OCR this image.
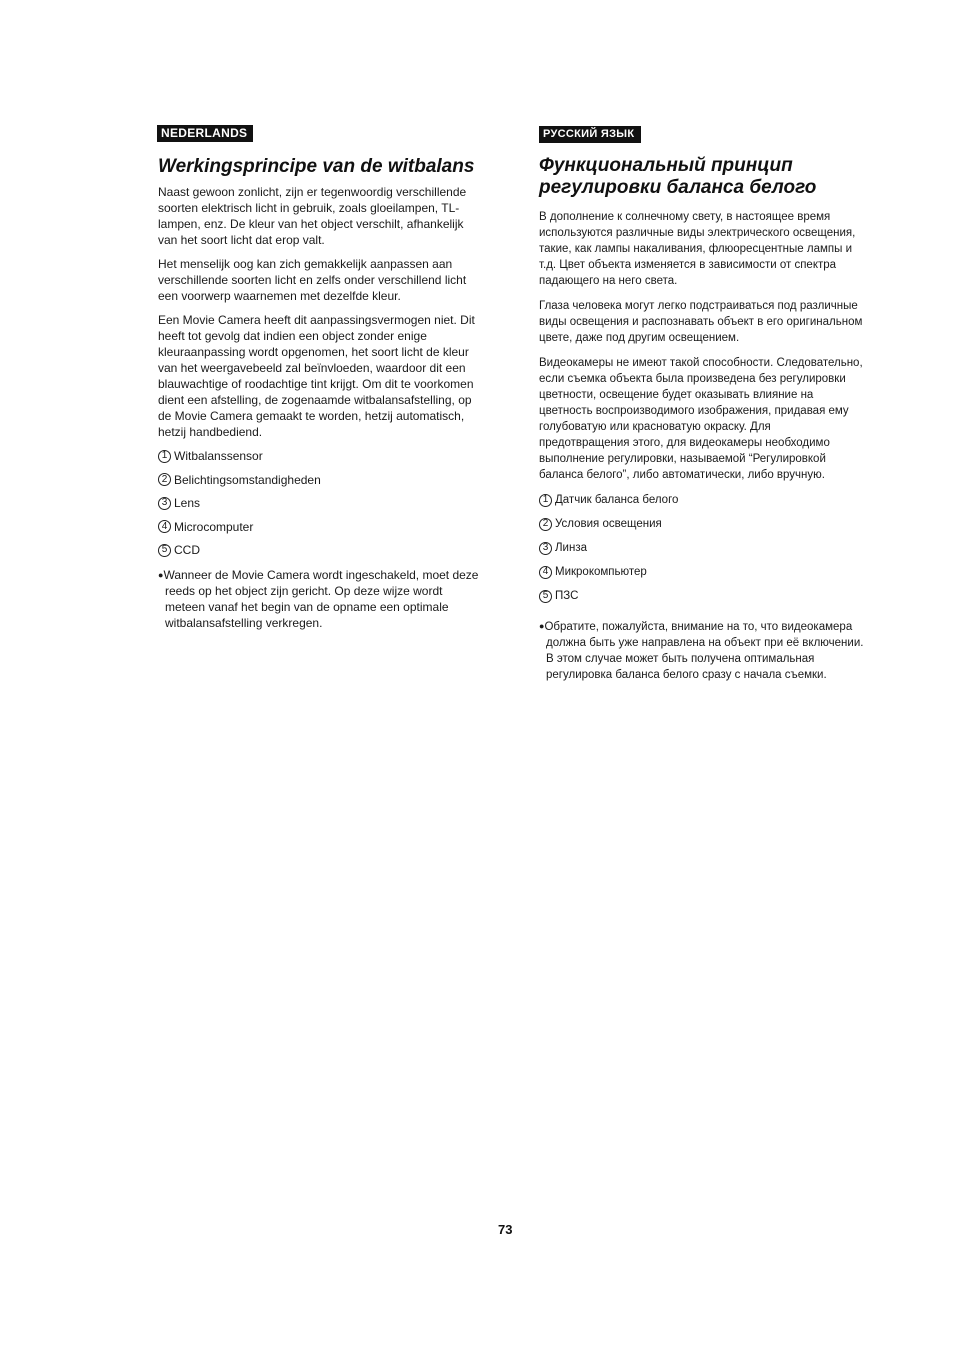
NEDERLANDS
Werkingsprincipe van de witbalans

Naast gewoon zonlicht, zijn er tegenwoordig verschillende soorten elektrisch licht in gebruik, zoals gloeilampen, TL-lampen, enz. De kleur van het object verschilt, afhankelijk van het soort licht dat erop valt.

Het menselijk oog kan zich gemakkelijk aanpassen aan verschillende soorten licht en zelfs onder verschillend licht een voorwerp waarnemen met dezelfde kleur.

Een Movie Camera heeft dit aanpassingsvermogen niet. Dit heeft tot gevolg dat indien een object zonder enige kleuraanpassing wordt opgenomen, het soort licht de kleur van het weergavebeeld zal beïnvloeden, waardoor dit een blauwachtige of roodachtige tint krijgt. Om dit te voorkomen dient een afstelling, de zogenaamde witbalansafstelling, op de Movie Camera gemaakt te worden, hetzij automatisch, hetzij handbediend.

1 Witbalanssensor
2 Belichtingsomstandigheden
3 Lens
4 Microcomputer
5 CCD

●Wanneer de Movie Camera wordt ingeschakeld, moet deze reeds op het object zijn gericht. Op deze wijze wordt meteen vanaf het begin van de opname een optimale witbalansafstelling verkregen.

РУССКИЙ ЯЗЫК
Функциональный принцип регулировки баланса белого

В дополнение к солнечному свету, в настоящее время используются различные виды электрического освещения, такие, как лампы накаливания, флюоресцентные лампы и т.д. Цвет объекта изменяется в зависимости от спектра падающего на него света.

Глаза человека могут легко подстраиваться под различные виды освещения и распознавать объект в его оригинальном цвете, даже под другим освещением.

Видеокамеры не имеют такой способности. Следовательно, если съемка объекта была произведена без регулировки цветности, освещение будет оказывать влияние на цветность воспроизводимого изображения, придавая ему голубоватую или красноватую окраску. Для предотвращения этого, для видеокамеры необходимо выполнение регулировки, называемой “Регулировкой баланса белого”, либо автоматически, либо вручную.

1 Датчик баланса белого
2 Условия освещения
3 Линза
4 Микрокомпьютер
5 ПЗС

●Обратите, пожалуйста, внимание на то, что видеокамера должна быть уже направлена на объект при её включении. В этом случае может быть получена оптимальная регулировка баланса белого сразу с начала съемки.

73
